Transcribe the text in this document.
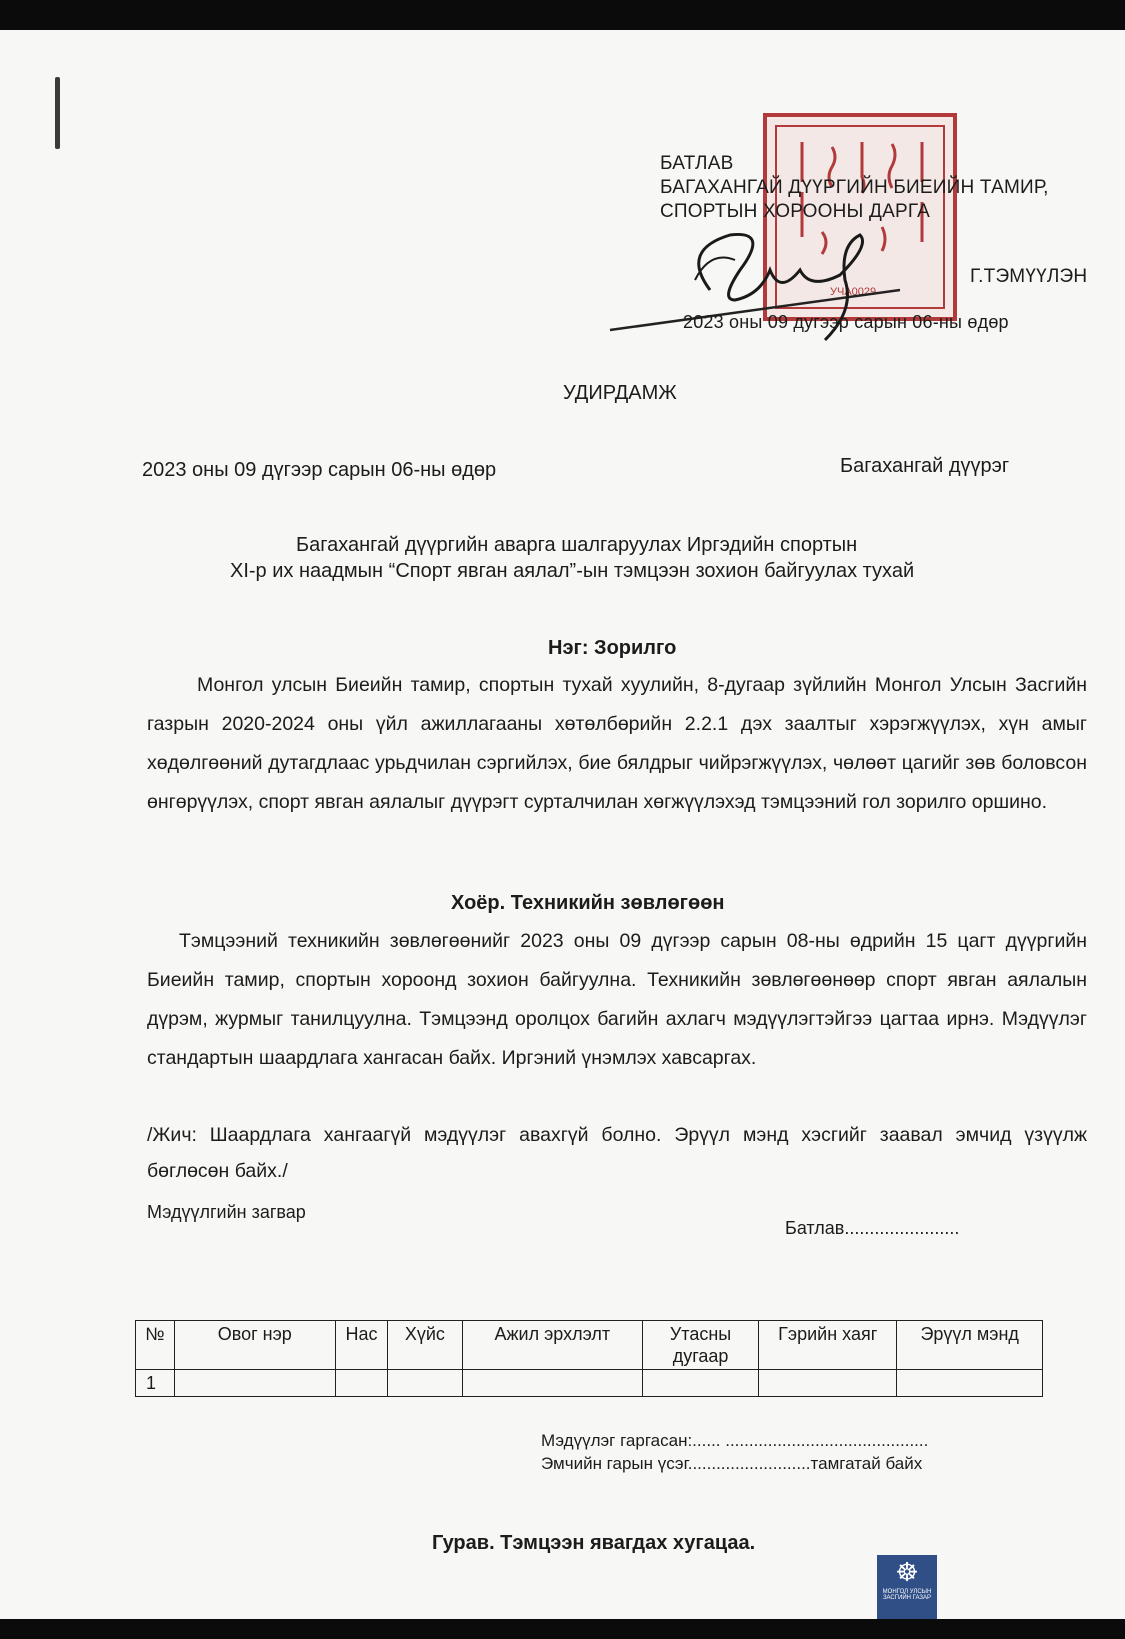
УЧА0029
БАТЛАВ
БАГАХАНГАЙ ДҮҮРГИЙН БИЕИЙН ТАМИР,
СПОРТЫН ХОРООНЫ ДАРГА
Г.ТЭМҮҮЛЭН
2023 оны 09 дугээр сарын 06-ны өдөр
УДИРДАМЖ
2023 оны 09 дүгээр сарын 06-ны өдөр	Багахангай дүүрэг
Багахангай дүүргийн аварга шалгаруулах Иргэдийн спортын
XI-р их наадмын “Спорт явган аялал”-ын тэмцээн зохион байгуулах тухай
Нэг: Зорилго
Монгол улсын Биеийн тамир, спортын тухай хуулийн, 8-дугаар зүйлийн Монгол Улсын Засгийн газрын 2020-2024 оны үйл ажиллагааны хөтөлбөрийн 2.2.1 дэх заалтыг хэрэгжүүлэх, хүн амыг хөдөлгөөний дутагдлаас урьдчилан сэргийлэх, бие бялдрыг чийрэгжүүлэх, чөлөөт цагийг зөв боловсон өнгөрүүлэх, спорт явган аялалыг дүүрэгт сурталчилан хөгжүүлэхэд тэмцээний гол зорилго оршино.
Хоёр. Техникийн зөвлөгөөн
Тэмцээний техникийн зөвлөгөөнийг 2023 оны 09 дүгээр сарын 08-ны өдрийн 15 цагт дүүргийн Биеийн тамир, спортын хороонд зохион байгуулна. Техникийн зөвлөгөөнөөр спорт явган аялалын дүрэм, журмыг танилцуулна. Тэмцээнд оролцох багийн ахлагч мэдүүлэгтэйгээ цагтаа ирнэ. Мэдүүлэг стандартын шаардлага хангасан байх. Иргэний үнэмлэх хавсаргах.
/Жич: Шаардлага хангаагүй мэдүүлэг авахгүй болно. Эрүүл мэнд хэсгийг заавал эмчид үзүүлж бөглөсөн байх./
Мэдүүлгийн загвар
Батлав.......................
№	Овог нэр	Нас	Хүйс	Ажил эрхлэлт	Утасны дугаар	Гэрийн хаяг	Эрүүл мэнд
1							
Мэдүүлэг гаргасан:...... ...........................................
Эмчийн гарын үсэг..........................тамгатай байх
Гурав. Тэмцээн явагдах хугацаа.
☸
МОНГОЛ УЛСЫН
ЗАСГИЙН ГАЗАР
